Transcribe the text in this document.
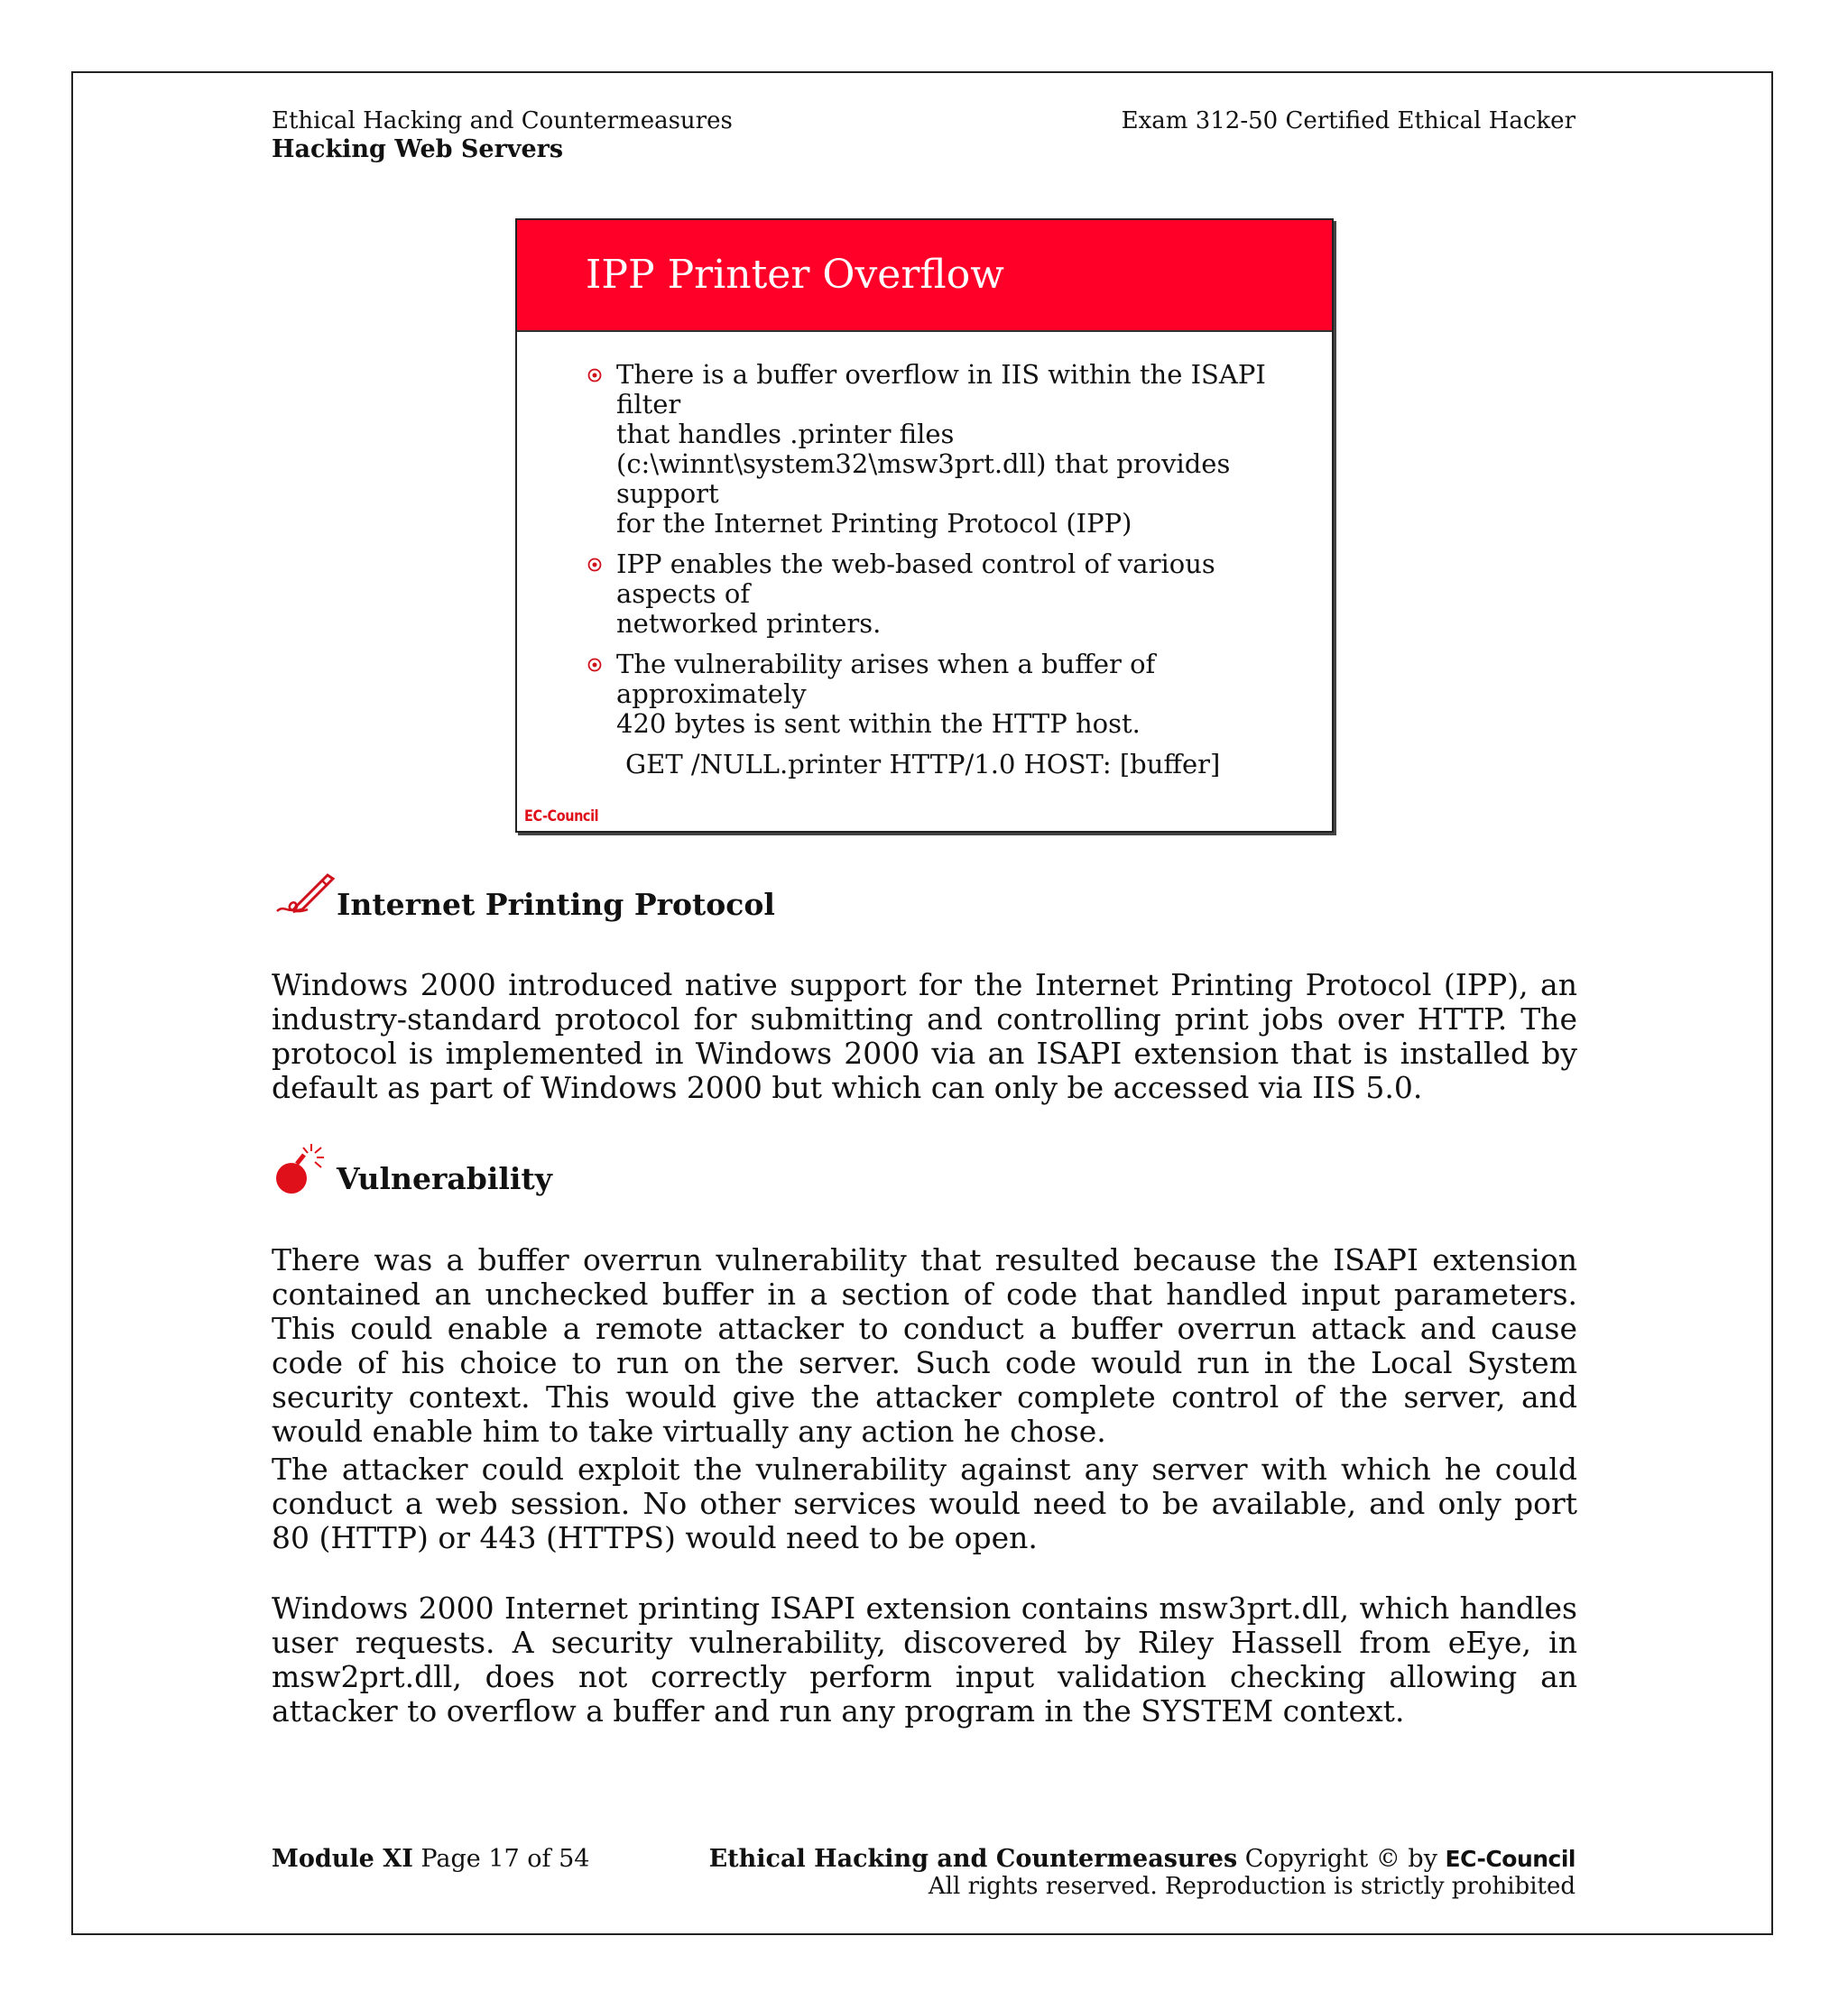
Ethical Hacking and Countermeasures
Hacking Web Servers
Exam 312-50 Certified Ethical Hacker
IPP Printer Overflow
There is a buffer overflow in IIS within the ISAPI filter
that handles .printer files
(c:\winnt\system32\msw3prt.dll) that provides support
for the Internet Printing Protocol (IPP)
IPP enables the web-based control of various aspects of
networked printers.
The vulnerability arises when a buffer of approximately
420 bytes is sent within the HTTP host.
GET /NULL.printer HTTP/1.0 HOST: [buffer]
EC-Council
Internet Printing Protocol
Windows 2000 introduced native support for the Internet Printing Protocol (IPP), an industry-standard protocol for submitting and controlling print jobs over HTTP. The protocol is implemented in Windows 2000 via an ISAPI extension that is installed by default as part of Windows 2000 but which can only be accessed via IIS 5.0.
Vulnerability
There was a buffer overrun vulnerability that resulted because the ISAPI extension contained an unchecked buffer in a section of code that handled input parameters. This could enable a remote attacker to conduct a buffer overrun attack and cause code of his choice to run on the server. Such code would run in the Local System security context. This would give the attacker complete control of the server, and would enable him to take virtually any action he chose.
The attacker could exploit the vulnerability against any server with which he could conduct a web session. No other services would need to be available, and only port 80 (HTTP) or 443 (HTTPS) would need to be open.
Windows 2000 Internet printing ISAPI extension contains msw3prt.dll, which handles user requests. A security vulnerability, discovered by Riley Hassell from eEye, in msw2prt.dll, does not correctly perform input validation checking allowing an attacker to overflow a buffer and run any program in the SYSTEM context.
Module XI Page 17 of 54	Ethical Hacking and Countermeasures Copyright © by EC-Council
All rights reserved. Reproduction is strictly prohibited
